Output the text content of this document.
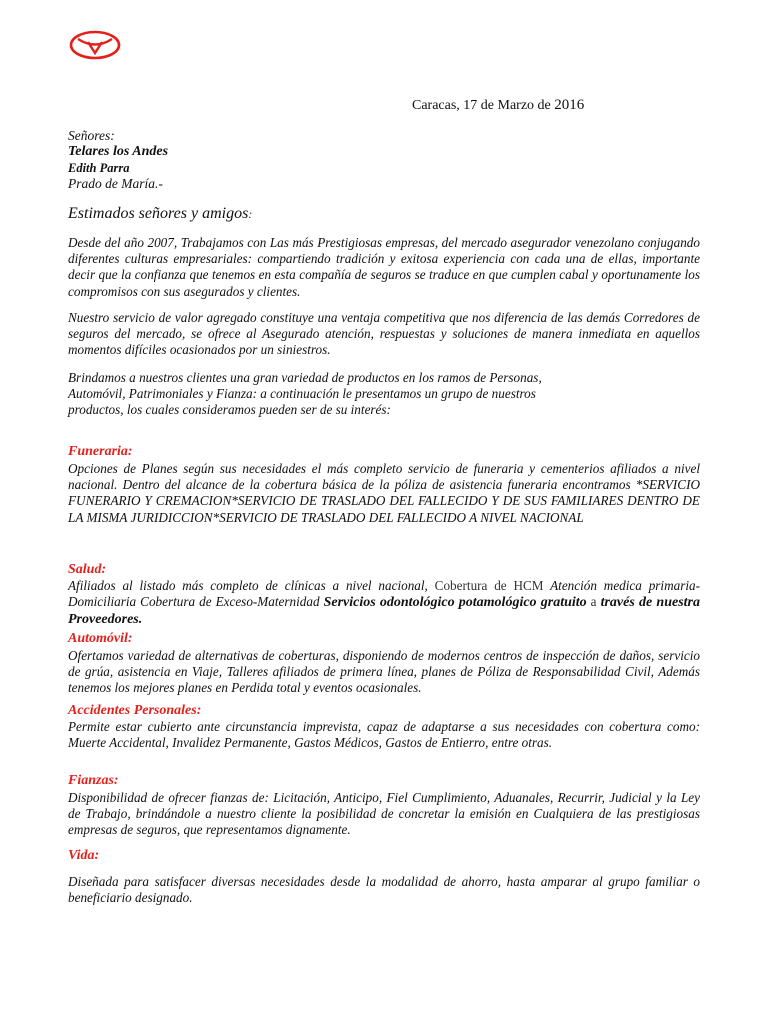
Caracas, 17 de Marzo de 2016
Señores:
Telares los Andes
Edith Parra
Prado de María.-
Estimados señores y amigos:

Desde del año 2007, Trabajamos con Las más Prestigiosas empresas, del mercado asegurador venezolano conjugando diferentes culturas empresariales: compartiendo tradición y exitosa experiencia con cada una de ellas, importante decir que la confianza que tenemos en esta compañía de seguros se traduce en que cumplen cabal y oportunamente los compromisos con sus asegurados y clientes.

Nuestro servicio de valor agregado constituye una ventaja competitiva que nos diferencia de las demás Corredores de seguros del mercado, se ofrece al Asegurado atención, respuestas y soluciones de manera inmediata en aquellos momentos difíciles ocasionados por un siniestros.

Brindamos a nuestros clientes una gran variedad de productos en los ramos de Personas,
Automóvil, Patrimoniales y Fianza: a continuación le presentamos un grupo de nuestros
productos, los cuales consideramos pueden ser de su interés:
Funeraria:

Opciones de Planes según sus necesidades el más completo servicio de funeraria y cementerios afiliados a nivel nacional. Dentro del alcance de la cobertura básica de la póliza de asistencia funeraria encontramos *SERVICIO FUNERARIO Y CREMACION*SERVICIO DE TRASLADO DEL FALLECIDO Y DE SUS FAMILIARES DENTRO DE LA MISMA JURIDICCION*SERVICIO DE TRASLADO DEL FALLECIDO A NIVEL NACIONAL

Salud:

Afiliados al listado más completo de clínicas a nivel nacional, Cobertura de HCM Atención medica primaria-Domiciliaria Cobertura de Exceso-Maternidad Servicios odontológico potamológico gratuito a través de nuestra Proveedores.

Automóvil:

Ofertamos variedad de alternativas de coberturas, disponiendo de modernos centros de inspección de daños, servicio de grúa, asistencia en Viaje, Talleres afiliados de primera línea, planes de Póliza de Responsabilidad Civil, Además tenemos los mejores planes en Perdida total y eventos ocasionales.

Accidentes Personales:

Permite estar cubierto ante circunstancia imprevista, capaz de adaptarse a sus necesidades con cobertura como: Muerte Accidental, Invalidez Permanente, Gastos Médicos, Gastos de Entierro, entre otras.

Fianzas:

Disponibilidad de ofrecer fianzas de: Licitación, Anticipo, Fiel Cumplimiento, Aduanales, Recurrir, Judicial y la Ley de Trabajo, brindándole a nuestro cliente la posibilidad de concretar la emisión en Cualquiera de las prestigiosas empresas de seguros, que representamos dignamente.

Vida:

Diseñada para satisfacer diversas necesidades desde la modalidad de ahorro, hasta amparar al grupo familiar o beneficiario designado.
